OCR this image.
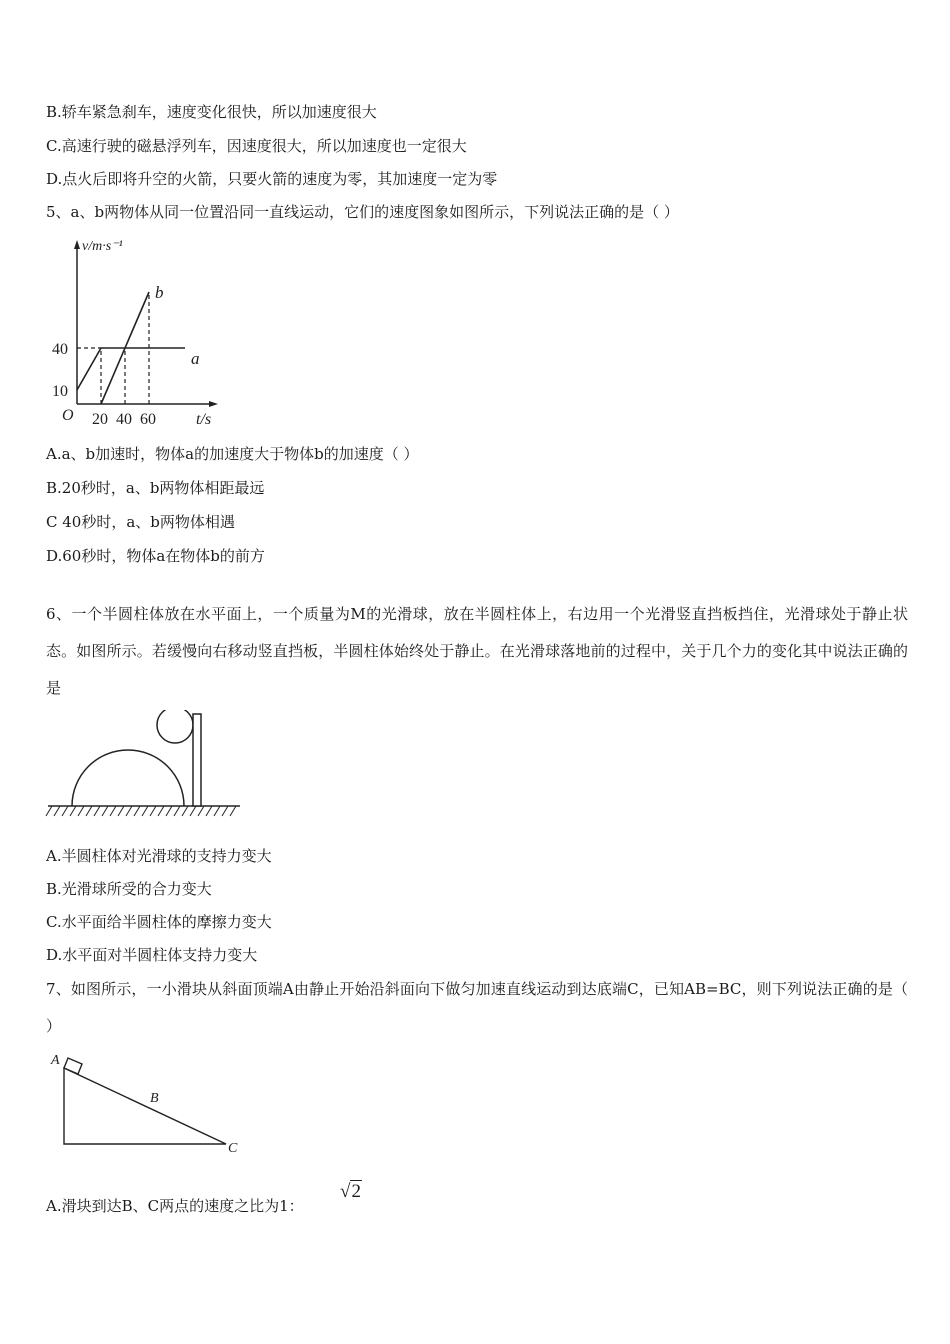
B.轿车紧急刹车，速度变化很快，所以加速度很大
C.高速行驶的磁悬浮列车，因速度很大，所以加速度也一定很大
D.点火后即将升空的火箭，只要火箭的速度为零，其加速度一定为零
5、a、b两物体从同一位置沿同一直线运动，它们的速度图象如图所示，下列说法正确的是（ ）
a
b
20 40 60
10
40
v/m·s⁻¹
t/s
O
A.a、b加速时，物体a的加速度大于物体b的加速度（ ）
B.20秒时，a、b两物体相距最远
C 40秒时，a、b两物体相遇
D.60秒时，物体a在物体b的前方
6、一个半圆柱体放在水平面上，一个质量为M的光滑球，放在半圆柱体上，右边用一个光滑竖直挡板挡住，光滑球处于静止状态。如图所示。若缓慢向右移动竖直挡板，半圆柱体始终处于静止。在光滑球落地前的过程中，关于几个力的变化其中说法正确的是
A.半圆柱体对光滑球的支持力变大
B.光滑球所受的合力变大
C.水平面给半圆柱体的摩擦力变大
D.水平面对半圆柱体支持力变大
7、如图所示，一小滑块从斜面顶端A由静止开始沿斜面向下做匀加速直线运动到达底端C，已知AB=BC，则下列说法正确的是（ ）
A
B
C
A.滑块到达B、C两点的速度之比为1：
√2
